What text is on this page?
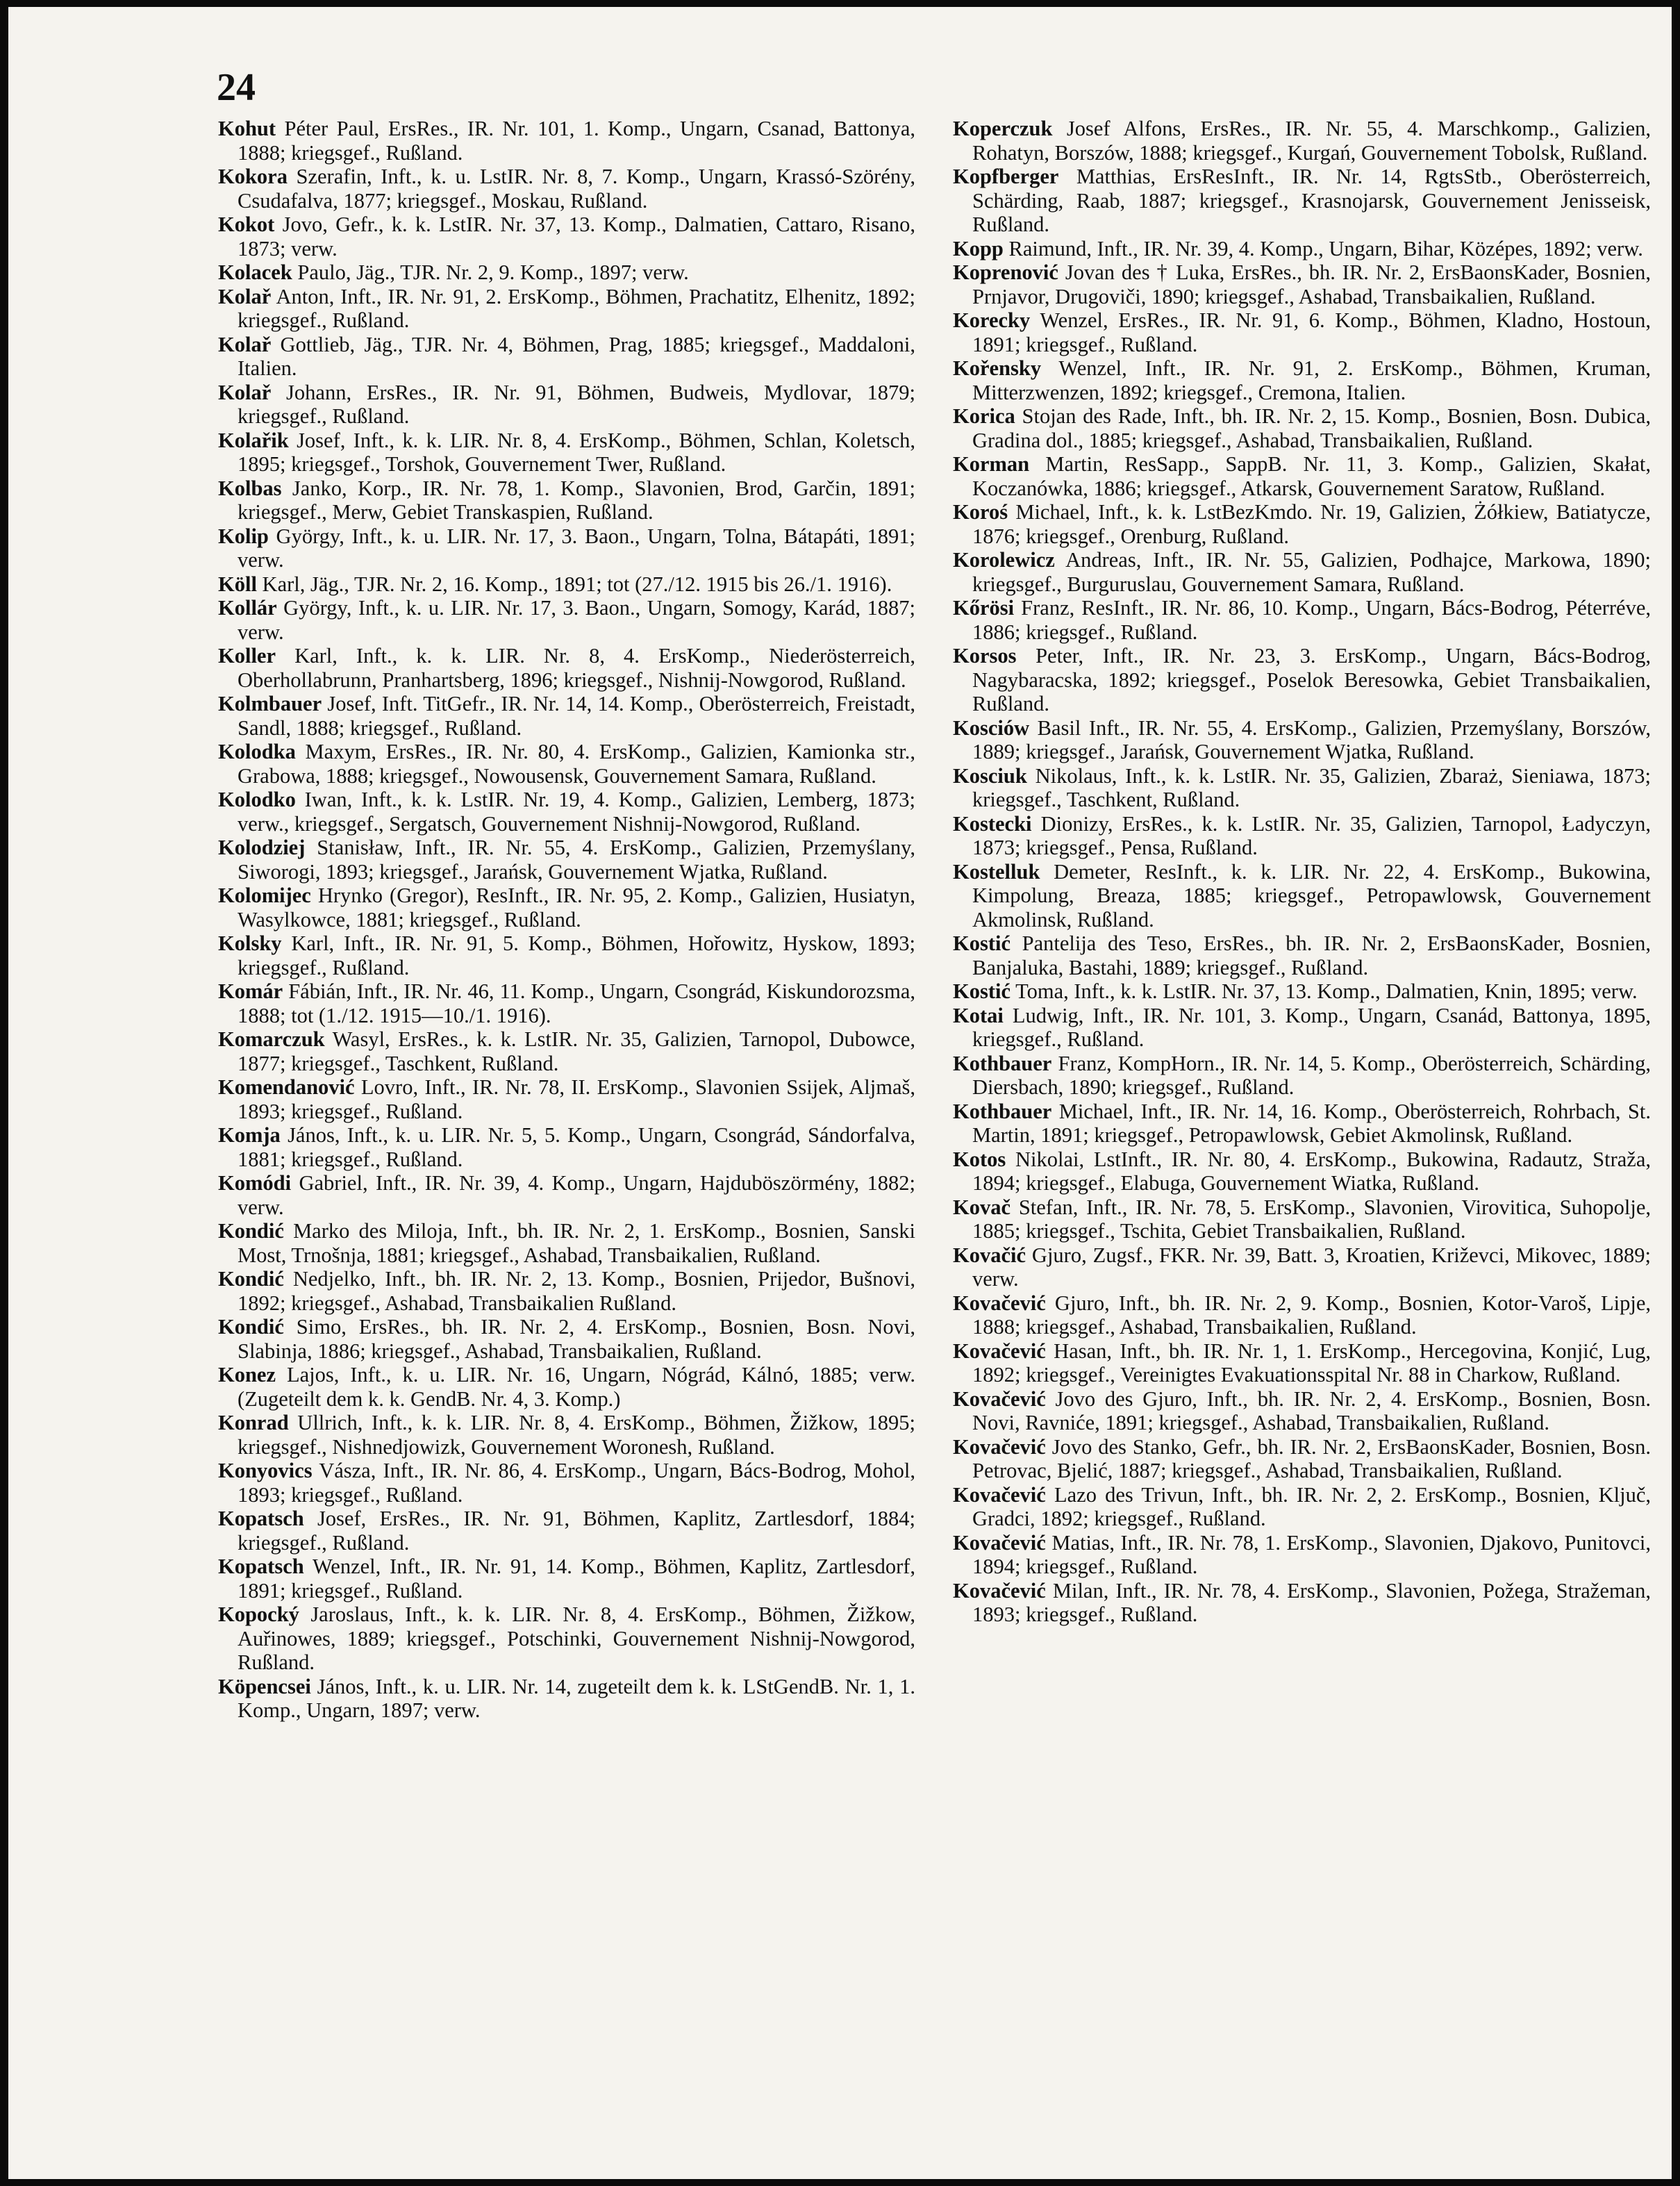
24

Kohut Péter Paul, ErsRes., IR. Nr. 101, 1. Komp., Ungarn, Csanad, Battonya, 1888; kriegsgef., Rußland.

Kokora Szerafin, Inft., k. u. LstIR. Nr. 8, 7. Komp., Ungarn, Krassó-Szörény, Csudafalva, 1877; kriegsgef., Moskau, Rußland.

Kokot Jovo, Gefr., k. k. LstIR. Nr. 37, 13. Komp., Dalmatien, Cattaro, Risano, 1873; verw.

Kolacek Paulo, Jäg., TJR. Nr. 2, 9. Komp., 1897; verw.

Kolař Anton, Inft., IR. Nr. 91, 2. ErsKomp., Böhmen, Prachatitz, Elhenitz, 1892; kriegsgef., Rußland.

Kolař Gottlieb, Jäg., TJR. Nr. 4, Böhmen, Prag, 1885; kriegsgef., Maddaloni, Italien.

Kolař Johann, ErsRes., IR. Nr. 91, Böhmen, Budweis, Mydlovar, 1879; kriegsgef., Rußland.

Kolařik Josef, Inft., k. k. LIR. Nr. 8, 4. ErsKomp., Böhmen, Schlan, Koletsch, 1895; kriegsgef., Torshok, Gouvernement Twer, Rußland.

Kolbas Janko, Korp., IR. Nr. 78, 1. Komp., Slavonien, Brod, Garčin, 1891; kriegsgef., Merw, Gebiet Transkaspien, Rußland.

Kolip György, Inft., k. u. LIR. Nr. 17, 3. Baon., Ungarn, Tolna, Bátapáti, 1891; verw.

Köll Karl, Jäg., TJR. Nr. 2, 16. Komp., 1891; tot (27./12. 1915 bis 26./1. 1916).

Kollár György, Inft., k. u. LIR. Nr. 17, 3. Baon., Ungarn, Somogy, Karád, 1887; verw.

Koller Karl, Inft., k. k. LIR. Nr. 8, 4. ErsKomp., Niederösterreich, Oberhollabrunn, Pranhartsberg, 1896; kriegsgef., Nishnij-Nowgorod, Rußland.

Kolmbauer Josef, Inft. TitGefr., IR. Nr. 14, 14. Komp., Oberösterreich, Freistadt, Sandl, 1888; kriegsgef., Rußland.

Kolodka Maxym, ErsRes., IR. Nr. 80, 4. ErsKomp., Galizien, Kamionka str., Grabowa, 1888; kriegsgef., Nowousensk, Gouvernement Samara, Rußland.

Kolodko Iwan, Inft., k. k. LstIR. Nr. 19, 4. Komp., Galizien, Lemberg, 1873; verw., kriegsgef., Sergatsch, Gouvernement Nishnij-Nowgorod, Rußland.

Kolodziej Stanisław, Inft., IR. Nr. 55, 4. ErsKomp., Galizien, Przemyślany, Siworogi, 1893; kriegsgef., Jarańsk, Gouvernement Wjatka, Rußland.

Kolomijec Hrynko (Gregor), ResInft., IR. Nr. 95, 2. Komp., Galizien, Husiatyn, Wasylkowce, 1881; kriegsgef., Rußland.

Kolsky Karl, Inft., IR. Nr. 91, 5. Komp., Böhmen, Hořowitz, Hyskow, 1893; kriegsgef., Rußland.

Komár Fábián, Inft., IR. Nr. 46, 11. Komp., Ungarn, Csongrád, Kiskundorozsma, 1888; tot (1./12. 1915—10./1. 1916).

Komarczuk Wasyl, ErsRes., k. k. LstIR. Nr. 35, Galizien, Tarnopol, Dubowce, 1877; kriegsgef., Taschkent, Rußland.

Komendanović Lovro, Inft., IR. Nr. 78, II. ErsKomp., Slavonien Ssijek, Aljmaš, 1893; kriegsgef., Rußland.

Komja János, Inft., k. u. LIR. Nr. 5, 5. Komp., Ungarn, Csongrád, Sándorfalva, 1881; kriegsgef., Rußland.

Komódi Gabriel, Inft., IR. Nr. 39, 4. Komp., Ungarn, Hajduböszörmény, 1882; verw.

Kondić Marko des Miloja, Inft., bh. IR. Nr. 2, 1. ErsKomp., Bosnien, Sanski Most, Trnošnja, 1881; kriegsgef., Ashabad, Transbaikalien, Rußland.

Kondić Nedjelko, Inft., bh. IR. Nr. 2, 13. Komp., Bosnien, Prijedor, Bušnovi, 1892; kriegsgef., Ashabad, Transbaikalien Rußland.

Kondić Simo, ErsRes., bh. IR. Nr. 2, 4. ErsKomp., Bosnien, Bosn. Novi, Slabinja, 1886; kriegsgef., Ashabad, Transbaikalien, Rußland.

Konez Lajos, Inft., k. u. LIR. Nr. 16, Ungarn, Nógrád, Kálnó, 1885; verw. (Zugeteilt dem k. k. GendB. Nr. 4, 3. Komp.)

Konrad Ullrich, Inft., k. k. LIR. Nr. 8, 4. ErsKomp., Böhmen, Žižkow, 1895; kriegsgef., Nishnedjowizk, Gouvernement Woronesh, Rußland.

Konyovics Vásza, Inft., IR. Nr. 86, 4. ErsKomp., Ungarn, Bács-Bodrog, Mohol, 1893; kriegsgef., Rußland.

Kopatsch Josef, ErsRes., IR. Nr. 91, Böhmen, Kaplitz, Zartlesdorf, 1884; kriegsgef., Rußland.

Kopatsch Wenzel, Inft., IR. Nr. 91, 14. Komp., Böhmen, Kaplitz, Zartlesdorf, 1891; kriegsgef., Rußland.

Kopocký Jaroslaus, Inft., k. k. LIR. Nr. 8, 4. ErsKomp., Böhmen, Žižkow, Auřinowes, 1889; kriegsgef., Potschinki, Gouvernement Nishnij-Nowgorod, Rußland.

Köpencsei János, Inft., k. u. LIR. Nr. 14, zugeteilt dem k. k. LStGendB. Nr. 1, 1. Komp., Ungarn, 1897; verw.

Koperczuk Josef Alfons, ErsRes., IR. Nr. 55, 4. Marschkomp., Galizien, Rohatyn, Borszów, 1888; kriegsgef., Kurgań, Gouvernement Tobolsk, Rußland.

Kopfberger Matthias, ErsResInft., IR. Nr. 14, RgtsStb., Oberösterreich, Schärding, Raab, 1887; kriegsgef., Krasnojarsk, Gouvernement Jenisseisk, Rußland.

Kopp Raimund, Inft., IR. Nr. 39, 4. Komp., Ungarn, Bihar, Középes, 1892; verw.

Koprenović Jovan des † Luka, ErsRes., bh. IR. Nr. 2, ErsBaonsKader, Bosnien, Prnjavor, Drugoviči, 1890; kriegsgef., Ashabad, Transbaikalien, Rußland.

Korecky Wenzel, ErsRes., IR. Nr. 91, 6. Komp., Böhmen, Kladno, Hostoun, 1891; kriegsgef., Rußland.

Kořensky Wenzel, Inft., IR. Nr. 91, 2. ErsKomp., Böhmen, Kruman, Mitterzwenzen, 1892; kriegsgef., Cremona, Italien.

Korica Stojan des Rade, Inft., bh. IR. Nr. 2, 15. Komp., Bosnien, Bosn. Dubica, Gradina dol., 1885; kriegsgef., Ashabad, Transbaikalien, Rußland.

Korman Martin, ResSapp., SappB. Nr. 11, 3. Komp., Galizien, Skałat, Koczanówka, 1886; kriegsgef., Atkarsk, Gouvernement Saratow, Rußland.

Koroś Michael, Inft., k. k. LstBezKmdo. Nr. 19, Galizien, Żółkiew, Batiatycze, 1876; kriegsgef., Orenburg, Rußland.

Korolewicz Andreas, Inft., IR. Nr. 55, Galizien, Podhajce, Markowa, 1890; kriegsgef., Burguruslau, Gouvernement Samara, Rußland.

Kőrösi Franz, ResInft., IR. Nr. 86, 10. Komp., Ungarn, Bács-Bodrog, Péterréve, 1886; kriegsgef., Rußland.

Korsos Peter, Inft., IR. Nr. 23, 3. ErsKomp., Ungarn, Bács-Bodrog, Nagybaracska, 1892; kriegsgef., Poselok Beresowka, Gebiet Transbaikalien, Rußland.

Kosciów Basil Inft., IR. Nr. 55, 4. ErsKomp., Galizien, Przemyślany, Borszów, 1889; kriegsgef., Jarańsk, Gouvernement Wjatka, Rußland.

Kosciuk Nikolaus, Inft., k. k. LstIR. Nr. 35, Galizien, Zbaraż, Sieniawa, 1873; kriegsgef., Taschkent, Rußland.

Kostecki Dionizy, ErsRes., k. k. LstIR. Nr. 35, Galizien, Tarnopol, Ładyczyn, 1873; kriegsgef., Pensa, Rußland.

Kostelluk Demeter, ResInft., k. k. LIR. Nr. 22, 4. ErsKomp., Bukowina, Kimpolung, Breaza, 1885; kriegsgef., Petropawlowsk, Gouvernement Akmolinsk, Rußland.

Kostić Pantelija des Teso, ErsRes., bh. IR. Nr. 2, ErsBaonsKader, Bosnien, Banjaluka, Bastahi, 1889; kriegsgef., Rußland.

Kostić Toma, Inft., k. k. LstIR. Nr. 37, 13. Komp., Dalmatien, Knin, 1895; verw.

Kotai Ludwig, Inft., IR. Nr. 101, 3. Komp., Ungarn, Csanád, Battonya, 1895, kriegsgef., Rußland.

Kothbauer Franz, KompHorn., IR. Nr. 14, 5. Komp., Oberösterreich, Schärding, Diersbach, 1890; kriegsgef., Rußland.

Kothbauer Michael, Inft., IR. Nr. 14, 16. Komp., Oberösterreich, Rohrbach, St. Martin, 1891; kriegsgef., Petropawlowsk, Gebiet Akmolinsk, Rußland.

Kotos Nikolai, LstInft., IR. Nr. 80, 4. ErsKomp., Bukowina, Radautz, Straža, 1894; kriegsgef., Elabuga, Gouvernement Wiatka, Rußland.

Kovač Stefan, Inft., IR. Nr. 78, 5. ErsKomp., Slavonien, Virovitica, Suhopolje, 1885; kriegsgef., Tschita, Gebiet Transbaikalien, Rußland.

Kovačić Gjuro, Zugsf., FKR. Nr. 39, Batt. 3, Kroatien, Križevci, Mikovec, 1889; verw.

Kovačević Gjuro, Inft., bh. IR. Nr. 2, 9. Komp., Bosnien, Kotor-Varoš, Lipje, 1888; kriegsgef., Ashabad, Transbaikalien, Rußland.

Kovačević Hasan, Inft., bh. IR. Nr. 1, 1. ErsKomp., Hercegovina, Konjić, Lug, 1892; kriegsgef., Vereinigtes Evakuationsspital Nr. 88 in Charkow, Rußland.

Kovačević Jovo des Gjuro, Inft., bh. IR. Nr. 2, 4. ErsKomp., Bosnien, Bosn. Novi, Ravniće, 1891; kriegsgef., Ashabad, Transbaikalien, Rußland.

Kovačević Jovo des Stanko, Gefr., bh. IR. Nr. 2, ErsBaonsKader, Bosnien, Bosn. Petrovac, Bjelić, 1887; kriegsgef., Ashabad, Transbaikalien, Rußland.

Kovačević Lazo des Trivun, Inft., bh. IR. Nr. 2, 2. ErsKomp., Bosnien, Ključ, Gradci, 1892; kriegsgef., Rußland.

Kovačević Matias, Inft., IR. Nr. 78, 1. ErsKomp., Slavonien, Djakovo, Punitovci, 1894; kriegsgef., Rußland.

Kovačević Milan, Inft., IR. Nr. 78, 4. ErsKomp., Slavonien, Požega, Stražeman, 1893; kriegsgef., Rußland.
